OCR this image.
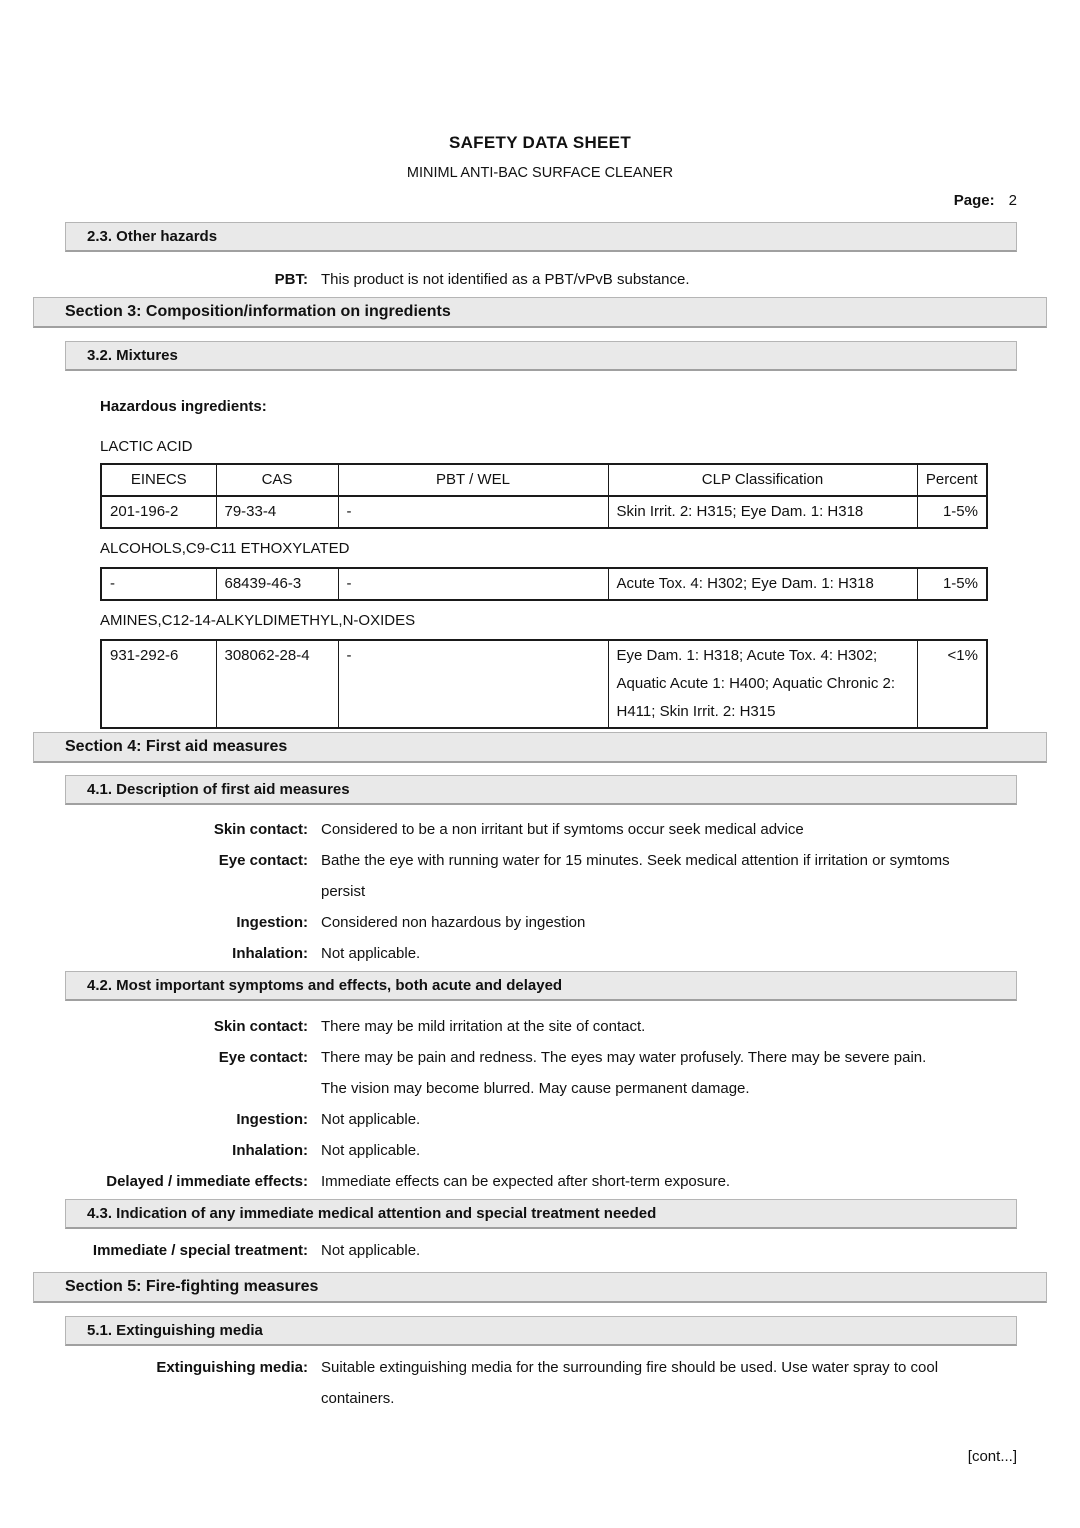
SAFETY DATA SHEET
MINIML ANTI-BAC SURFACE CLEANER
Page: 2
2.3. Other hazards
PBT: This product is not identified as a PBT/vPvB substance.
Section 3: Composition/information on ingredients
3.2. Mixtures
Hazardous ingredients:
LACTIC ACID
EINECS	CAS	PBT / WEL	CLP Classification	Percent
201-196-2	79-33-4	-	Skin Irrit. 2: H315; Eye Dam. 1: H318	1-5%
ALCOHOLS,C9-C11 ETHOXYLATED
-	68439-46-3	-	Acute Tox. 4: H302; Eye Dam. 1: H318	1-5%
AMINES,C12-14-ALKYLDIMETHYL,N-OXIDES
931-292-6	308062-28-4	-	Eye Dam. 1: H318; Acute Tox. 4: H302; Aquatic Acute 1: H400; Aquatic Chronic 2: H411; Skin Irrit. 2: H315	<1%
Section 4: First aid measures
4.1. Description of first aid measures
Skin contact: Considered to be a non irritant but if symtoms occur seek medical advice
Eye contact: Bathe the eye with running water for 15 minutes. Seek medical attention if irritation or symtoms persist
Ingestion: Considered non hazardous by ingestion
Inhalation: Not applicable.
4.2. Most important symptoms and effects, both acute and delayed
Skin contact: There may be mild irritation at the site of contact.
Eye contact: There may be pain and redness. The eyes may water profusely. There may be severe pain. The vision may become blurred. May cause permanent damage.
Ingestion: Not applicable.
Inhalation: Not applicable.
Delayed / immediate effects: Immediate effects can be expected after short-term exposure.
4.3. Indication of any immediate medical attention and special treatment needed
Immediate / special treatment: Not applicable.
Section 5: Fire-fighting measures
5.1. Extinguishing media
Extinguishing media: Suitable extinguishing media for the surrounding fire should be used. Use water spray to cool containers.
[cont...]
